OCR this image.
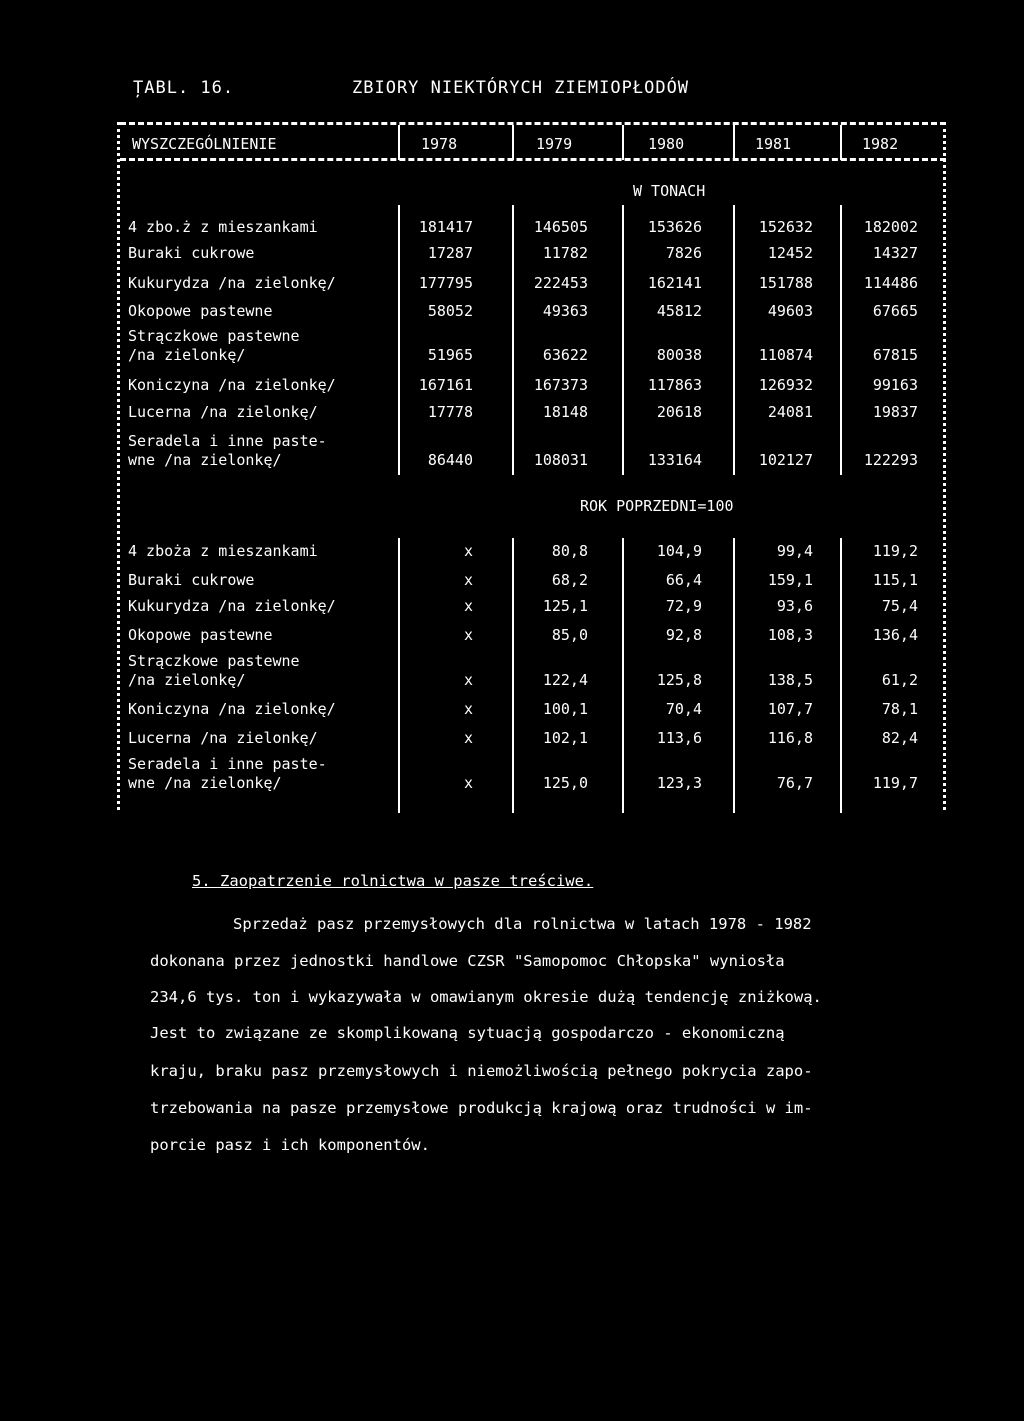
ȚABL. 16.	ZBIORY NIEKTÓRYCH ZIEMIOPŁODÓW
WYSZCZEGÓLNIENIE	1978	1979	1980	1981	1982
W TONACH
ROK POPRZEDNI=100
4 zbo.ż z mieszankami	181417	146505	153626	152632	182002
Buraki cukrowe	17287	11782	7826	12452	14327
Kukurydza /na zielonkę/	177795	222453	162141	151788	114486
Okopowe pastewne	58052	49363	45812	49603	67665
Strączkowe pastewne
/na zielonkę/	51965	63622	80038	110874	67815
Koniczyna /na zielonkę/	167161	167373	117863	126932	99163
Lucerna /na zielonkę/	17778	18148	20618	24081	19837
Seradela i inne paste-
wne /na zielonkę/	86440	108031	133164	102127	122293
4 zboża z mieszankami	x	80,8	104,9	99,4	119,2
Buraki cukrowe	x	68,2	66,4	159,1	115,1
Kukurydza /na zielonkę/	x	125,1	72,9	93,6	75,4
Okopowe pastewne	x	85,0	92,8	108,3	136,4
Strączkowe pastewne
/na zielonkę/	x	122,4	125,8	138,5	61,2
Koniczyna /na zielonkę/	x	100,1	70,4	107,7	78,1
Lucerna /na zielonkę/	x	102,1	113,6	116,8	82,4
Seradela i inne paste-
wne /na zielonkę/	x	125,0	123,3	76,7	119,7
5. Zaopatrzenie rolnictwa w pasze treściwe.
Sprzedaż pasz przemysłowych dla rolnictwa w latach 1978 - 1982
dokonana przez jednostki handlowe CZSR "Samopomoc Chłopska" wyniosła
234,6 tys. ton i wykazywała w omawianym okresie dużą tendencję zniżkową.
Jest to związane ze skomplikowaną sytuacją gospodarczo - ekonomiczną
kraju, braku pasz przemysłowych i niemożliwością pełnego pokrycia zapo-
trzebowania na pasze przemysłowe produkcją krajową oraz trudności w im-
porcie pasz i ich komponentów.
